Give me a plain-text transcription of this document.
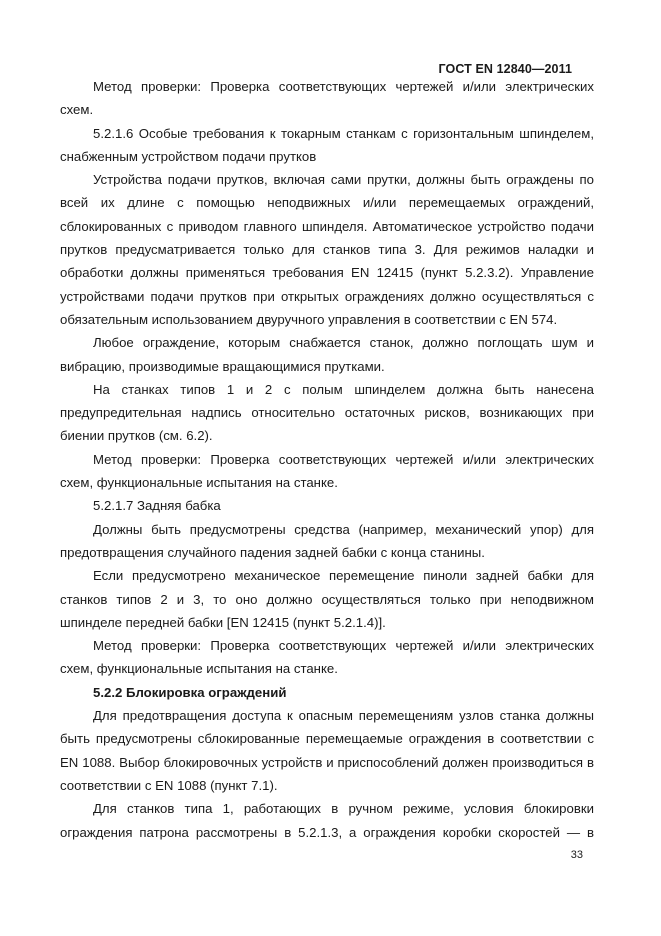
ГОСТ EN 12840—2011

Метод проверки: Проверка соответствующих чертежей и/или электрических схем.

5.2.1.6 Особые требования к токарным станкам с горизонтальным шпинделем, снабженным устройством подачи прутков

Устройства подачи прутков, включая сами прутки, должны быть ограждены по всей их длине с помощью неподвижных и/или перемещаемых ограждений, сблокированных с приводом главного шпинделя. Автоматическое устройство подачи прутков предусматривается только для станков типа 3. Для режимов наладки и обработки должны применяться требования EN 12415 (пункт 5.2.3.2). Управление устройствами подачи прутков при открытых ограждениях должно осуществляться с обязательным использованием двуручного управления в соответствии с EN 574.

Любое ограждение, которым снабжается станок, должно поглощать шум и вибрацию, производимые вращающимися прутками.

На станках типов 1 и 2 с полым шпинделем должна быть нанесена предупредительная надпись относительно остаточных рисков, возникающих при биении прутков (см. 6.2).

Метод проверки: Проверка соответствующих чертежей и/или электрических схем, функциональные испытания на станке.

5.2.1.7 Задняя бабка

Должны быть предусмотрены средства (например, механический упор) для предотвращения случайного падения задней бабки с конца станины.

Если предусмотрено механическое перемещение пиноли задней бабки для станков типов 2 и 3, то оно должно осуществляться только при неподвижном шпинделе передней бабки [EN 12415 (пункт 5.2.1.4)].

Метод проверки: Проверка соответствующих чертежей и/или электрических схем, функциональные испытания на станке.

5.2.2 Блокировка ограждений

Для предотвращения доступа к опасным перемещениям узлов станка должны быть предусмотрены сблокированные перемещаемые ограждения в соответствии с EN 1088. Выбор блокировочных устройств и приспособлений должен производиться в соответствии с EN 1088 (пункт 7.1).

Для станков типа 1, работающих в ручном режиме, условия блокировки ограждения патрона рассмотрены в 5.2.1.3, а ограждения коробки скоростей — в

33
